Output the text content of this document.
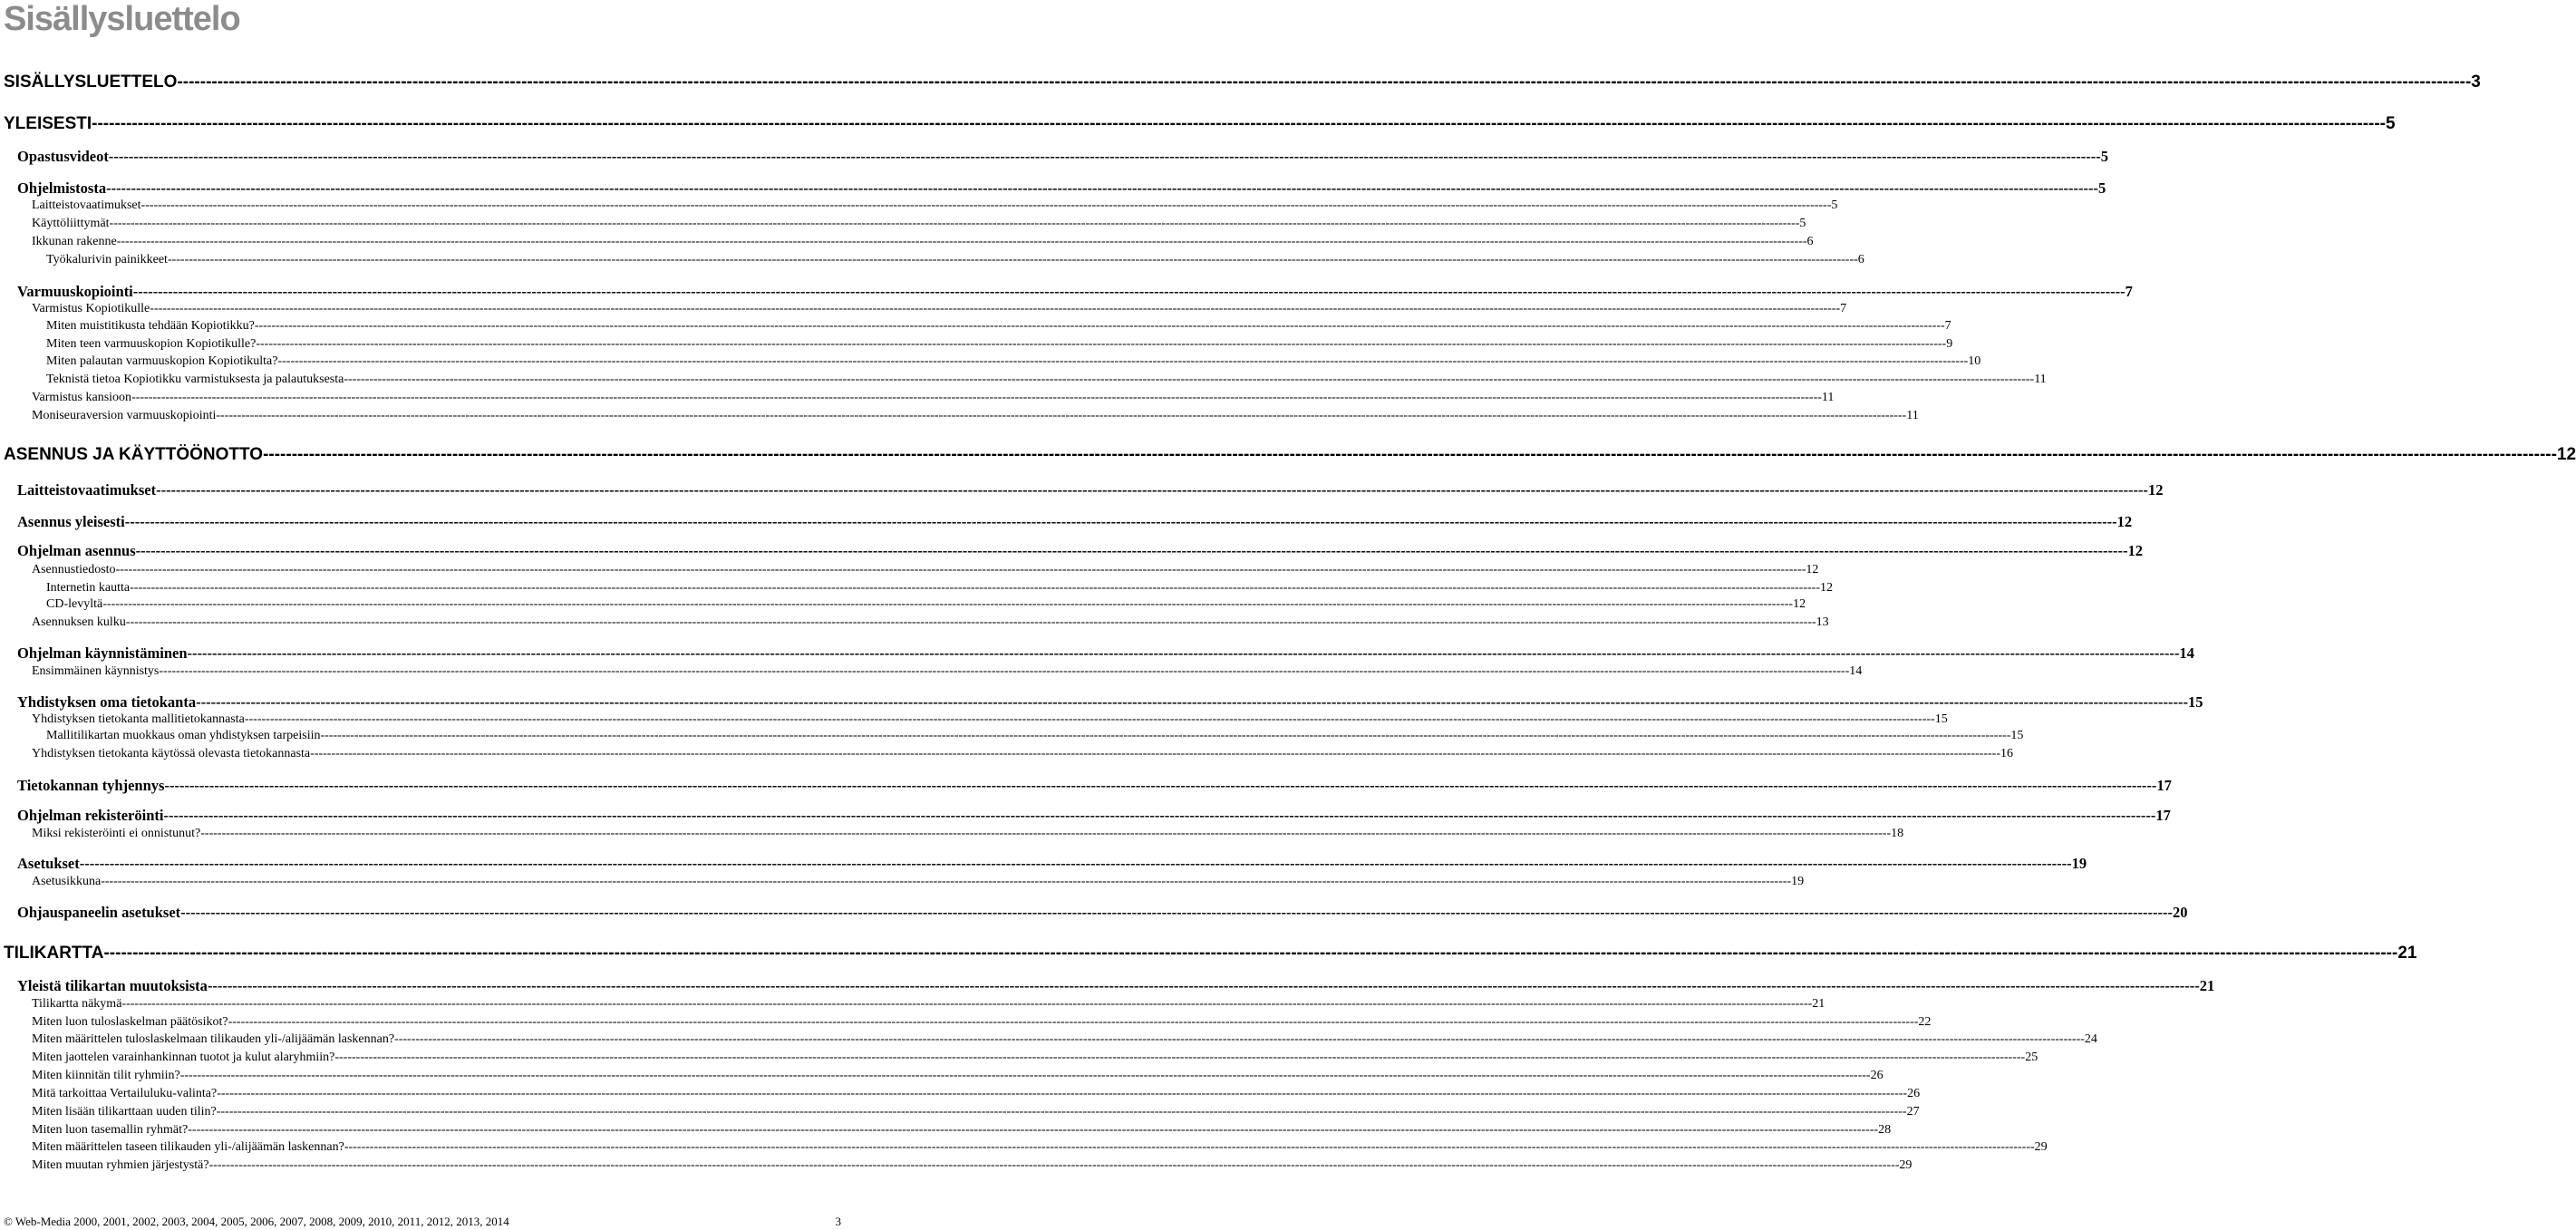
Sisällysluettelo
SISÄLLYSLUETTELO ---------------------------------------------------------------------------------------------------------------------------------------------------------------------------------------------------------------------------------------------------------------------------------------------------------------------------------------------------------------------------------------------------------------- 3
YLEISESTI ---------------------------------------------------------------------------------------------------------------------------------------------------------------------------------------------------------------------------------------------------------------------------------------------------------------------------------------------------------------------------------------------------------------- 5
Opastusvideot ---------------------------------------------------------------------------------------------------------------------------------------------------------------------------------------------------------------------------------------------------------------------------------------------------------------------------------------------------------------------------------------------------------------- 5
Ohjelmistosta ---------------------------------------------------------------------------------------------------------------------------------------------------------------------------------------------------------------------------------------------------------------------------------------------------------------------------------------------------------------------------------------------------------------- 5
Laitteistovaatimukset ---------------------------------------------------------------------------------------------------------------------------------------------------------------------------------------------------------------------------------------------------------------------------------------------------------------------------------------------------------------------------------------------------------------- 5
Käyttöliittymät ---------------------------------------------------------------------------------------------------------------------------------------------------------------------------------------------------------------------------------------------------------------------------------------------------------------------------------------------------------------------------------------------------------------- 5
Ikkunan rakenne ---------------------------------------------------------------------------------------------------------------------------------------------------------------------------------------------------------------------------------------------------------------------------------------------------------------------------------------------------------------------------------------------------------------- 6
Työkalurivin painikkeet ---------------------------------------------------------------------------------------------------------------------------------------------------------------------------------------------------------------------------------------------------------------------------------------------------------------------------------------------------------------------------------------------------------------- 6
Varmuuskopiointi ---------------------------------------------------------------------------------------------------------------------------------------------------------------------------------------------------------------------------------------------------------------------------------------------------------------------------------------------------------------------------------------------------------------- 7
Varmistus Kopiotikulle ---------------------------------------------------------------------------------------------------------------------------------------------------------------------------------------------------------------------------------------------------------------------------------------------------------------------------------------------------------------------------------------------------------------- 7
Miten muistitikusta tehdään Kopiotikku? ---------------------------------------------------------------------------------------------------------------------------------------------------------------------------------------------------------------------------------------------------------------------------------------------------------------------------------------------------------------------------------------------------------------- 7
Miten teen varmuuskopion Kopiotikulle? ---------------------------------------------------------------------------------------------------------------------------------------------------------------------------------------------------------------------------------------------------------------------------------------------------------------------------------------------------------------------------------------------------------------- 9
Miten palautan varmuuskopion Kopiotikulta? ---------------------------------------------------------------------------------------------------------------------------------------------------------------------------------------------------------------------------------------------------------------------------------------------------------------------------------------------------------------------------------------------------------------- 10
Teknistä tietoa Kopiotikku varmistuksesta ja palautuksesta ---------------------------------------------------------------------------------------------------------------------------------------------------------------------------------------------------------------------------------------------------------------------------------------------------------------------------------------------------------------------------------------------------------------- 11
Varmistus kansioon ---------------------------------------------------------------------------------------------------------------------------------------------------------------------------------------------------------------------------------------------------------------------------------------------------------------------------------------------------------------------------------------------------------------- 11
Moniseuraversion varmuuskopiointi ---------------------------------------------------------------------------------------------------------------------------------------------------------------------------------------------------------------------------------------------------------------------------------------------------------------------------------------------------------------------------------------------------------------- 11
ASENNUS JA KÄYTTÖÖNOTTO ---------------------------------------------------------------------------------------------------------------------------------------------------------------------------------------------------------------------------------------------------------------------------------------------------------------------------------------------------------------------------------------------------------------- 12
Laitteistovaatimukset ---------------------------------------------------------------------------------------------------------------------------------------------------------------------------------------------------------------------------------------------------------------------------------------------------------------------------------------------------------------------------------------------------------------- 12
Asennus yleisesti ---------------------------------------------------------------------------------------------------------------------------------------------------------------------------------------------------------------------------------------------------------------------------------------------------------------------------------------------------------------------------------------------------------------- 12
Ohjelman asennus ---------------------------------------------------------------------------------------------------------------------------------------------------------------------------------------------------------------------------------------------------------------------------------------------------------------------------------------------------------------------------------------------------------------- 12
Asennustiedosto ---------------------------------------------------------------------------------------------------------------------------------------------------------------------------------------------------------------------------------------------------------------------------------------------------------------------------------------------------------------------------------------------------------------- 12
Internetin kautta ---------------------------------------------------------------------------------------------------------------------------------------------------------------------------------------------------------------------------------------------------------------------------------------------------------------------------------------------------------------------------------------------------------------- 12
CD-levyltä ---------------------------------------------------------------------------------------------------------------------------------------------------------------------------------------------------------------------------------------------------------------------------------------------------------------------------------------------------------------------------------------------------------------- 12
Asennuksen kulku ---------------------------------------------------------------------------------------------------------------------------------------------------------------------------------------------------------------------------------------------------------------------------------------------------------------------------------------------------------------------------------------------------------------- 13
Ohjelman käynnistäminen ---------------------------------------------------------------------------------------------------------------------------------------------------------------------------------------------------------------------------------------------------------------------------------------------------------------------------------------------------------------------------------------------------------------- 14
Ensimmäinen käynnistys ---------------------------------------------------------------------------------------------------------------------------------------------------------------------------------------------------------------------------------------------------------------------------------------------------------------------------------------------------------------------------------------------------------------- 14
Yhdistyksen oma tietokanta ---------------------------------------------------------------------------------------------------------------------------------------------------------------------------------------------------------------------------------------------------------------------------------------------------------------------------------------------------------------------------------------------------------------- 15
Yhdistyksen tietokanta mallitietokannasta ---------------------------------------------------------------------------------------------------------------------------------------------------------------------------------------------------------------------------------------------------------------------------------------------------------------------------------------------------------------------------------------------------------------- 15
Mallitilikartan muokkaus oman yhdistyksen tarpeisiin ---------------------------------------------------------------------------------------------------------------------------------------------------------------------------------------------------------------------------------------------------------------------------------------------------------------------------------------------------------------------------------------------------------------- 15
Yhdistyksen tietokanta käytössä olevasta tietokannasta ---------------------------------------------------------------------------------------------------------------------------------------------------------------------------------------------------------------------------------------------------------------------------------------------------------------------------------------------------------------------------------------------------------------- 16
Tietokannan tyhjennys ---------------------------------------------------------------------------------------------------------------------------------------------------------------------------------------------------------------------------------------------------------------------------------------------------------------------------------------------------------------------------------------------------------------- 17
Ohjelman rekisteröinti ---------------------------------------------------------------------------------------------------------------------------------------------------------------------------------------------------------------------------------------------------------------------------------------------------------------------------------------------------------------------------------------------------------------- 17
Miksi rekisteröinti ei onnistunut? ---------------------------------------------------------------------------------------------------------------------------------------------------------------------------------------------------------------------------------------------------------------------------------------------------------------------------------------------------------------------------------------------------------------- 18
Asetukset ---------------------------------------------------------------------------------------------------------------------------------------------------------------------------------------------------------------------------------------------------------------------------------------------------------------------------------------------------------------------------------------------------------------- 19
Asetusikkuna ---------------------------------------------------------------------------------------------------------------------------------------------------------------------------------------------------------------------------------------------------------------------------------------------------------------------------------------------------------------------------------------------------------------- 19
Ohjauspaneelin asetukset ---------------------------------------------------------------------------------------------------------------------------------------------------------------------------------------------------------------------------------------------------------------------------------------------------------------------------------------------------------------------------------------------------------------- 20
TILIKARTTA ---------------------------------------------------------------------------------------------------------------------------------------------------------------------------------------------------------------------------------------------------------------------------------------------------------------------------------------------------------------------------------------------------------------- 21
Yleistä tilikartan muutoksista ---------------------------------------------------------------------------------------------------------------------------------------------------------------------------------------------------------------------------------------------------------------------------------------------------------------------------------------------------------------------------------------------------------------- 21
Tilikartta näkymä ---------------------------------------------------------------------------------------------------------------------------------------------------------------------------------------------------------------------------------------------------------------------------------------------------------------------------------------------------------------------------------------------------------------- 21
Miten luon tuloslaskelman päätösikot? ---------------------------------------------------------------------------------------------------------------------------------------------------------------------------------------------------------------------------------------------------------------------------------------------------------------------------------------------------------------------------------------------------------------- 22
Miten määrittelen tuloslaskelmaan tilikauden yli-/alijäämän laskennan? ---------------------------------------------------------------------------------------------------------------------------------------------------------------------------------------------------------------------------------------------------------------------------------------------------------------------------------------------------------------------------------------------------------------- 24
Miten jaottelen varainhankinnan tuotot ja kulut alaryhmiin? ---------------------------------------------------------------------------------------------------------------------------------------------------------------------------------------------------------------------------------------------------------------------------------------------------------------------------------------------------------------------------------------------------------------- 25
Miten kiinnitän tilit ryhmiin? ---------------------------------------------------------------------------------------------------------------------------------------------------------------------------------------------------------------------------------------------------------------------------------------------------------------------------------------------------------------------------------------------------------------- 26
Mitä tarkoittaa Vertailuluku-valinta? ---------------------------------------------------------------------------------------------------------------------------------------------------------------------------------------------------------------------------------------------------------------------------------------------------------------------------------------------------------------------------------------------------------------- 26
Miten lisään tilikarttaan uuden tilin? ---------------------------------------------------------------------------------------------------------------------------------------------------------------------------------------------------------------------------------------------------------------------------------------------------------------------------------------------------------------------------------------------------------------- 27
Miten luon tasemallin ryhmät? ---------------------------------------------------------------------------------------------------------------------------------------------------------------------------------------------------------------------------------------------------------------------------------------------------------------------------------------------------------------------------------------------------------------- 28
Miten määrittelen taseen tilikauden yli-/alijäämän laskennan? ---------------------------------------------------------------------------------------------------------------------------------------------------------------------------------------------------------------------------------------------------------------------------------------------------------------------------------------------------------------------------------------------------------------- 29
Miten muutan ryhmien järjestystä? ---------------------------------------------------------------------------------------------------------------------------------------------------------------------------------------------------------------------------------------------------------------------------------------------------------------------------------------------------------------------------------------------------------------- 29
© Web-Media 2000, 2001, 2002, 2003, 2004, 2005, 2006, 2007, 2008, 2009, 2010, 2011, 2012, 2013, 2014	3
